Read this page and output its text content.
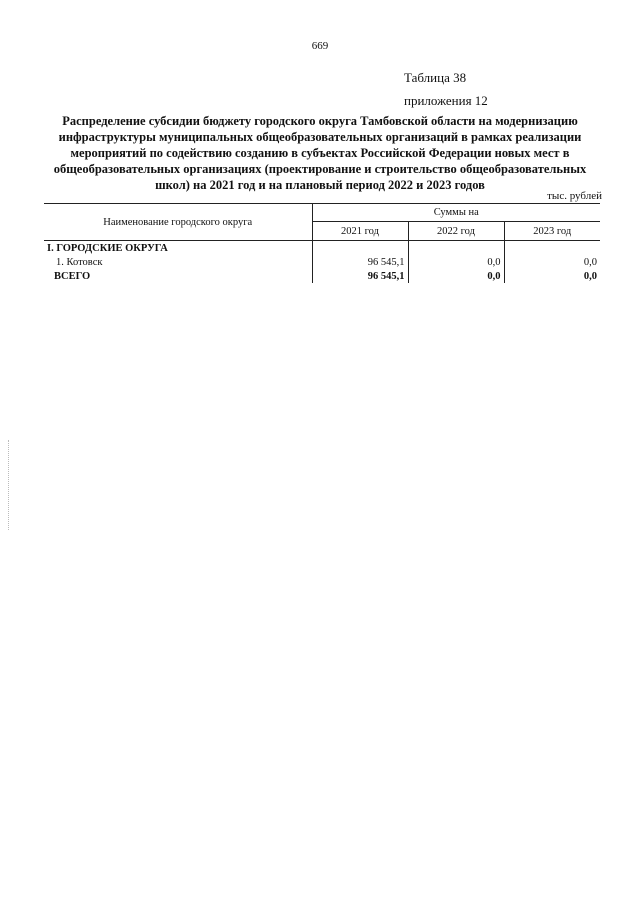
669
Таблица 38
приложения 12
Распределение субсидии бюджету городского округа Тамбовской области на модернизацию инфраструктуры муниципальных общеобразовательных организаций в рамках реализации мероприятий по содействию созданию в субъектах Российской Федерации новых мест в общеобразовательных организациях (проектирование и строительство общеобразовательных школ) на 2021 год и на плановый период 2022 и 2023 годов
тыс. рублей
Наименование городского округа	Суммы на		
	2021 год	2022 год	2023 год
I. ГОРОДСКИЕ ОКРУГА			
1. Котовск	96 545,1	0,0	0,0
ВСЕГО	96 545,1	0,0	0,0
